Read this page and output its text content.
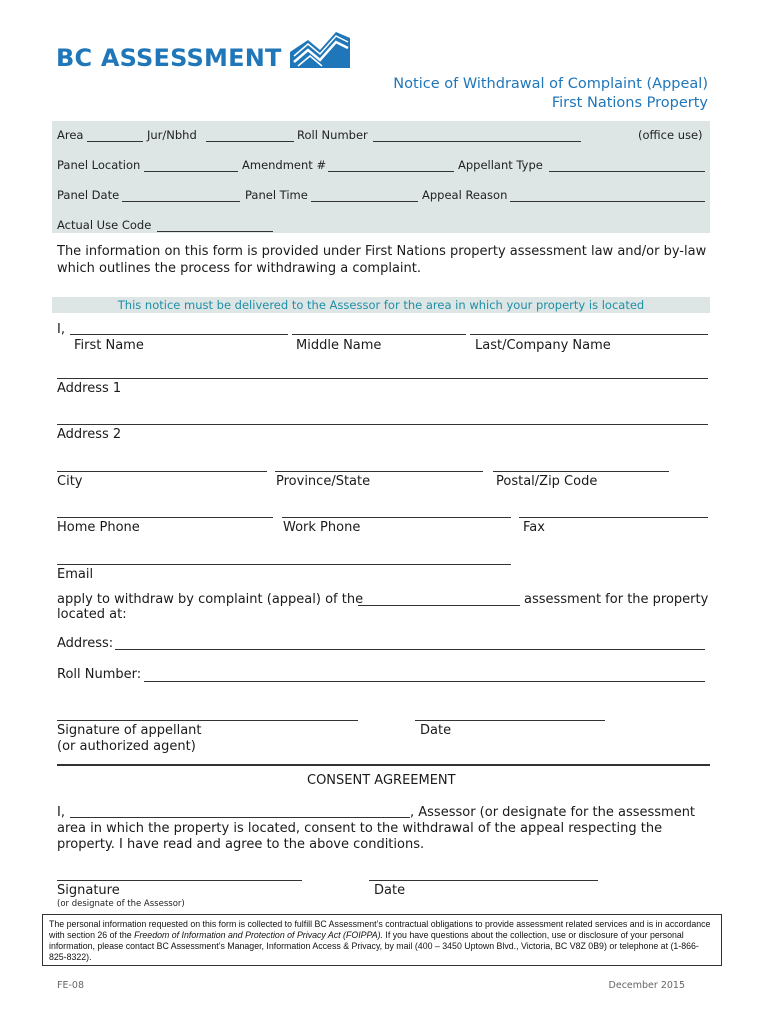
BC ASSESSMENT
Notice of Withdrawal of Complaint (Appeal)
First Nations Property
Area	Jur/Nbhd	Roll Number	(office use)
Panel Location	Amendment #	Appellant Type
Panel Date	Panel Time	Appeal Reason
Actual Use Code
The information on this form is provided under First Nations property assessment law and/or by-law
which outlines the process for withdrawing a complaint.
This notice must be delivered to the Assessor for the area in which your property is located
I,
First Name	Middle Name	Last/Company Name
Address 1
Address 2
City	Province/State	Postal/Zip Code
Home Phone	Work Phone	Fax
Email
apply to withdraw by complaint (appeal) of the	assessment for the property
located at:
Address:
Roll Number:
Signature of appellant
(or authorized agent)
Date
CONSENT AGREEMENT
I,	, Assessor (or designate for the assessment
area in which the property is located, consent to the withdrawal of the appeal respecting the
property. I have read and agree to the above conditions.
Signature
(or designate of the Assessor)
Date
The personal information requested on this form is collected to fulfill BC Assessment’s contractual obligations to provide assessment related services and is in accordance with section 26 of the Freedom of Information and Protection of Privacy Act (FOIPPA). If you have questions about the collection, use or disclosure of your personal information, please contact BC Assessment’s Manager, Information Access & Privacy, by mail (400 – 3450 Uptown Blvd., Victoria, BC V8Z 0B9) or telephone at (1-866-825-8322).
FE-08	December 2015
